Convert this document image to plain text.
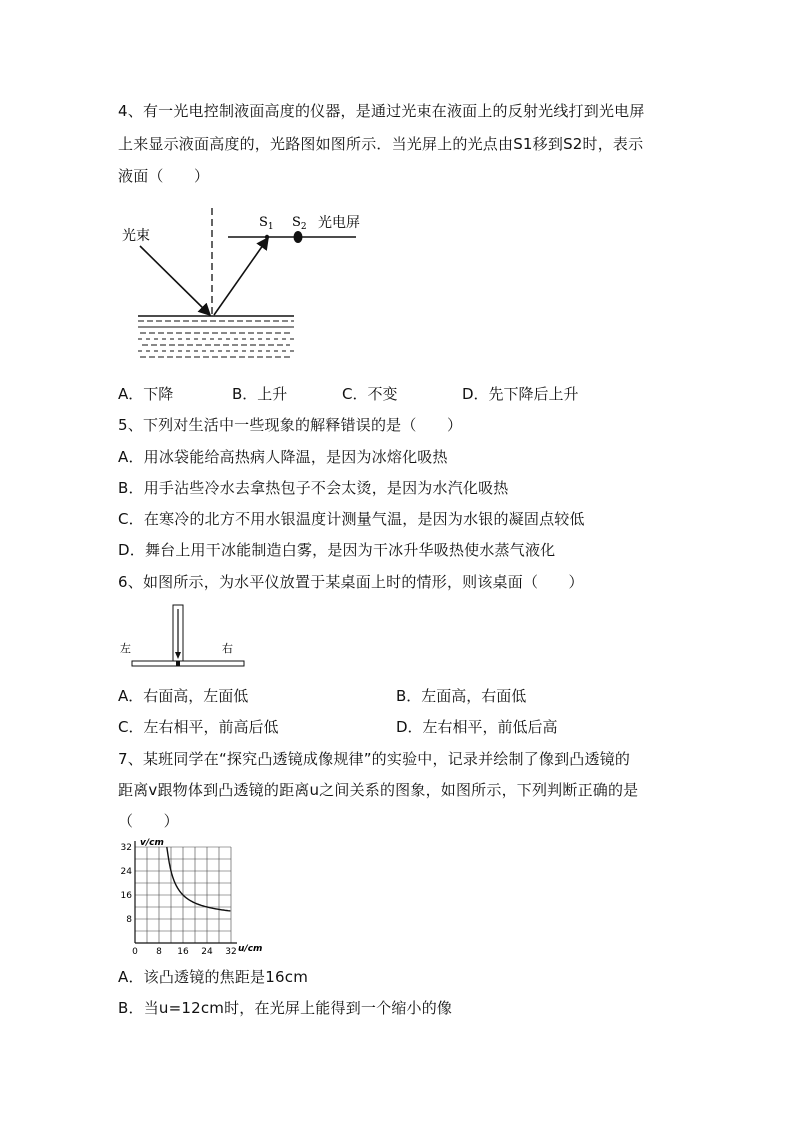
4、有一光电控制液面高度的仪器，是通过光束在液面上的反射光线打到光电屏
上来显示液面高度的，光路图如图所示．当光屏上的光点由S1移到S2时，表示
液面（　　）
光束
$S_1$ $S_2$ 光电屏
A．下降	B．上升	C．不变	D．先下降后上升
5、下列对生活中一些现象的解释错误的是（　　）
A．用冰袋能给高热病人降温，是因为冰熔化吸热
B．用手沾些冷水去拿热包子不会太烫，是因为水汽化吸热
C．在寒冷的北方不用水银温度计测量气温，是因为水银的凝固点较低
D．舞台上用干冰能制造白雾，是因为干冰升华吸热使水蒸气液化
6、如图所示，为水平仪放置于某桌面上时的情形，则该桌面（　　）
左	右
A．右面高，左面低	B．左面高，右面低
C．左右相平，前高后低	D．左右相平，前低后高
7、某班同学在“探究凸透镜成像规律”的实验中，记录并绘制了像到凸透镜的
距离v跟物体到凸透镜的距离u之间关系的图象，如图所示，下列判断正确的是
（　　）
0 8 16 24 32
8
16
24
32 v/cm
u/cm
A．该凸透镜的焦距是16cm
B．当u=12cm时，在光屏上能得到一个缩小的像
